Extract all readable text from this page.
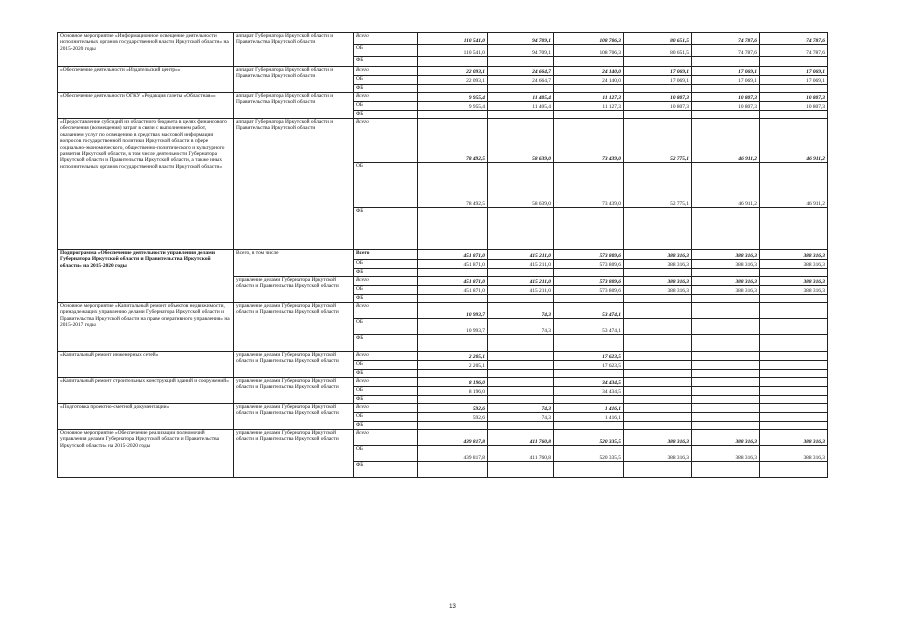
Основное мероприятие «Информационное освещение деятельности исполнительных органов государственной власти Иркутской области» на 2015-2020 годы	аппарат Губернатора Иркутской области и Правительства Иркутской области	Всего	110 541,0	94 709,1	108 706,3	80 651,5	74 787,6	74 787,6
		ОБ	110 541,0	94 709,1	108 706,3	80 651,5	74 787,6	74 787,6
		ФБ						
«Обеспечение деятельности «Издательский центр»»	аппарат Губернатора Иркутской области и Правительства Иркутской области	Всего	22 093,1	24 664,7	24 140,0	17 069,1	17 069,1	17 069,1
		ОБ	22 093,1	24 664,7	24 140,0	17 069,1	17 069,1	17 069,1
		ФБ						
«Обеспечение деятельности ОГКУ «Редакция газеты «Областная»»	аппарат Губернатора Иркутской области и Правительства Иркутской области	Всего	9 955,4	11 405,4	11 127,3	10 807,3	10 807,3	10 807,3
		ОБ	9 955,4	11 405,4	11 127,3	10 807,3	10 807,3	10 807,3
		ФБ						
«Предоставление субсидий из областного бюджета в целях финансового обеспечения (возмещения) затрат в связи с выполнением работ, оказанием услуг по освещению в средствах массовой информации вопросов государственной политики Иркутской области в сфере социально-экономического, общественно-политического и культурного развития Иркутской области, в том числе деятельности Губернатора Иркутской области и Правительства Иркутской области, а также иных исполнительных органов государственной власти Иркутской области»	аппарат Губернатора Иркутской области и Правительства Иркутской области	Всего	78 492,5	58 639,0	73 439,0	52 775,1	46 911,2	46 911,2
		ОБ	78 492,5	58 639,0	73 439,0	52 775,1	46 911,2	46 911,2
		ФБ						
Подпрограмма «Обеспечение деятельности управления делами Губернатора Иркутской области и Правительства Иркутской области» на 2015-2020 годы	Всего, в том числе	Всего	451 871,0	415 211,0	573 809,6	388 316,3	388 316,3	388 316,3
		ОБ	451 871,0	415 211,0	573 809,6	388 316,3	388 316,3	388 316,3
		ФБ						
	управление делами Губернатора Иркутской области и Правительства Иркутской области	Всего	451 871,0	415 211,0	573 809,6	388 316,3	388 316,3	388 316,3
		ОБ	451 871,0	415 211,0	573 809,6	388 316,3	388 316,3	388 316,3
		ФБ						
Основное мероприятие «Капитальный ремонт объектов недвижимости, принадлежащих управлению делами Губернатора Иркутской области и Правительства Иркутской области на праве оперативного управления» на 2015-2017 годы	управление делами Губернатора Иркутской области и Правительства Иркутской области	Всего	10 993,7	74,3	53 474,1			
		ОБ	10 993,7	74,3	53 474,1			
		ФБ						
«Капитальный ремонт инженерных сетей»	управление делами Губернатора Иркутской области и Правительства Иркутской области	Всего	2 205,1		17 623,5			
		ОБ	2 205,1		17 623,5			
		ФБ						
«Капитальный ремонт строительных конструкций зданий и сооружений»	управление делами Губернатора Иркутской области и Правительства Иркутской области	Всего	8 196,0		34 434,5			
		ОБ	8 196,0		34 434,5			
		ФБ						
«Подготовка проектно-сметной документации»	управление делами Губернатора Иркутской области и Правительства Иркутской области	Всего	592,6	74,3	1 416,1			
		ОБ	592,6	74,3	1 416,1			
		ФБ						
Основное мероприятие «Обеспечение реализации полномочий управления делами Губернатора Иркутской области и Правительства Иркутской области» на 2015-2020 годы	управление делами Губернатора Иркутской области и Правительства Иркутской области	Всего	439 817,8	411 760,8	520 335,5	388 316,3	388 316,3	388 316,3
		ОБ	439 817,8	411 760,8	520 335,5	388 316,3	388 316,3	388 316,3
		ФБ						
13
